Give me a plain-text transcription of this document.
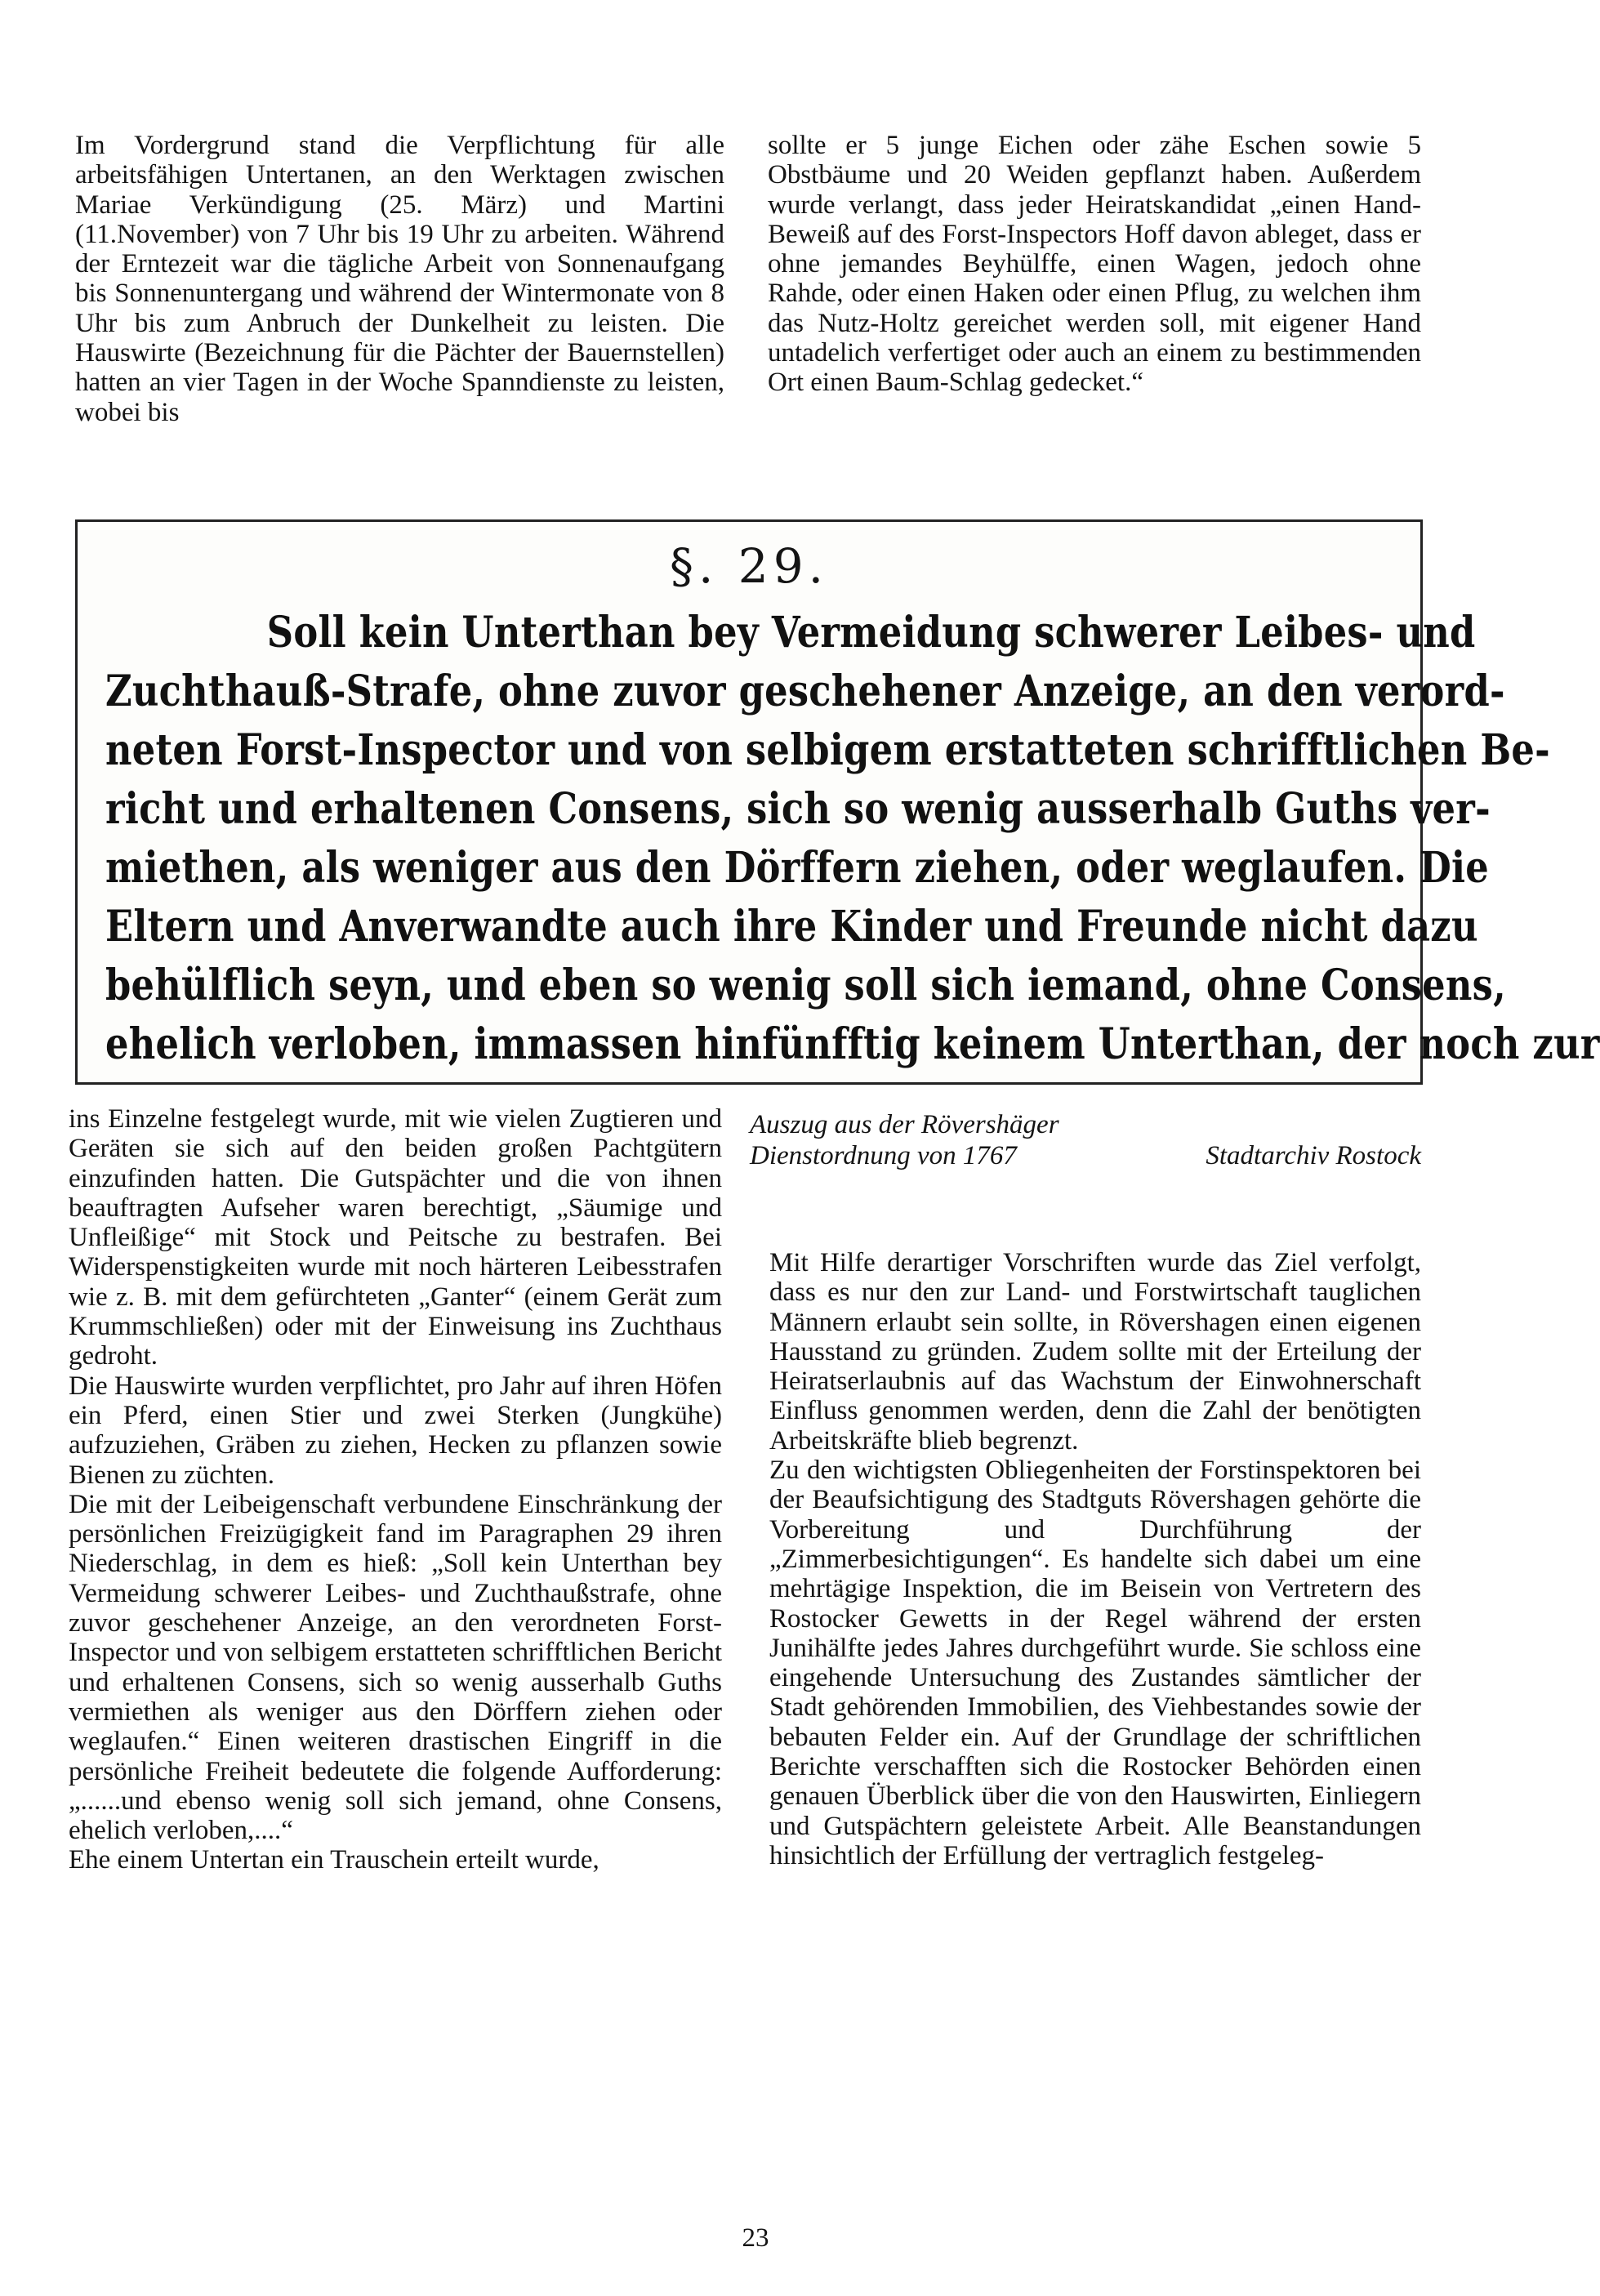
Im Vordergrund stand die Verpflichtung für alle arbeitsfähigen Untertanen, an den Werktagen zwischen Mariae Verkündigung (25. März) und Martini (11.November) von 7 Uhr bis 19 Uhr zu arbeiten. Während der Erntezeit war die tägliche Arbeit von Sonnenaufgang bis Sonnenuntergang und während der Wintermonate von 8 Uhr bis zum Anbruch der Dunkelheit zu leisten. Die Hauswirte (Bezeichnung für die Pächter der Bauernstellen) hatten an vier Tagen in der Woche Spanndienste zu leisten, wobei bis

sollte er 5 junge Eichen oder zähe Eschen sowie 5 Obstbäume und 20 Weiden gepflanzt haben. Außerdem wurde verlangt, dass jeder Heiratskandidat „einen Hand-Beweiß auf des Forst-Inspectors Hoff davon ableget, dass er ohne jemandes Beyhülffe, einen Wagen, jedoch ohne Rahde, oder einen Haken oder einen Pflug, zu welchen ihm das Nutz-Holtz gereichet werden soll, mit eigener Hand untadelich verfertiget oder auch an einem zu bestimmenden Ort einen Baum-Schlag gedecket.“

§. 29.
Soll kein Unterthan bey Vermeidung schwerer Leibes- und
Zuchthauß-Strafe, ohne zuvor geschehener Anzeige, an den verord-
neten Forst-Inspector und von selbigem erstatteten schrifftlichen Be-
richt und erhaltenen Consens, sich so wenig ausserhalb Guths ver-
miethen, als weniger aus den Dörffern ziehen, oder weglaufen. Die
Eltern und Anverwandte auch ihre Kinder und Freunde nicht dazu
behülflich seyn, und eben so wenig soll sich iemand, ohne Consens,
ehelich verloben, immassen hinfünfftig keinem Unterthan, der noch zur

ins Einzelne festgelegt wurde, mit wie vielen Zugtieren und Geräten sie sich auf den beiden großen Pachtgütern einzufinden hatten. Die Gutspächter und die von ihnen beauftragten Aufseher waren berechtigt, „Säumige und Unfleißige“ mit Stock und Peitsche zu bestrafen. Bei Widerspenstigkeiten wurde mit noch härteren Leibesstrafen wie z. B. mit dem gefürchteten „Ganter“ (einem Gerät zum Krummschließen) oder mit der Einweisung ins Zuchthaus gedroht.

Die Hauswirte wurden verpflichtet, pro Jahr auf ihren Höfen ein Pferd, einen Stier und zwei Sterken (Jungkühe) aufzuziehen, Gräben zu ziehen, Hecken zu pflanzen sowie Bienen zu züchten.

Die mit der Leibeigenschaft verbundene Einschränkung der persönlichen Freizügigkeit fand im Paragraphen 29 ihren Niederschlag, in dem es hieß: „Soll kein Unterthan bey Vermeidung schwerer Leibes- und Zuchthaußstrafe, ohne zuvor geschehener Anzeige, an den verordneten Forst-Inspector und von selbigem erstatteten schrifftlichen Bericht und erhaltenen Consens, sich so wenig ausserhalb Guths vermiethen als weniger aus den Dörffern ziehen oder weglaufen.“ Einen weiteren drastischen Eingriff in die persönliche Freiheit bedeutete die folgende Aufforderung: „......und ebenso wenig soll sich jemand, ohne Consens, ehelich verloben,....“

Ehe einem Untertan ein Trauschein erteilt wurde,

Auszug aus der Rövershäger
Dienstordnung von 1767	Stadtarchiv Rostock

Mit Hilfe derartiger Vorschriften wurde das Ziel verfolgt, dass es nur den zur Land- und Forstwirtschaft tauglichen Männern erlaubt sein sollte, in Rövershagen einen eigenen Hausstand zu gründen. Zudem sollte mit der Erteilung der Heiratserlaubnis auf das Wachstum der Einwohnerschaft Einfluss genommen werden, denn die Zahl der benötigten Arbeitskräfte blieb begrenzt.

Zu den wichtigsten Obliegenheiten der Forstinspektoren bei der Beaufsichtigung des Stadtguts Rövershagen gehörte die Vorbereitung und Durchführung der „Zimmerbesichtigungen“. Es handelte sich dabei um eine mehrtägige Inspektion, die im Beisein von Vertretern des Rostocker Gewetts in der Regel während der ersten Junihälfte jedes Jahres durchgeführt wurde. Sie schloss eine eingehende Untersuchung des Zustandes sämtlicher der Stadt gehörenden Immobilien, des Viehbestandes sowie der bebauten Felder ein. Auf der Grundlage der schriftlichen Berichte verschafften sich die Rostocker Behörden einen genauen Überblick über die von den Hauswirten, Einliegern und Gutspächtern geleistete Arbeit. Alle Beanstandungen hinsichtlich der Erfüllung der vertraglich festgeleg-

23
